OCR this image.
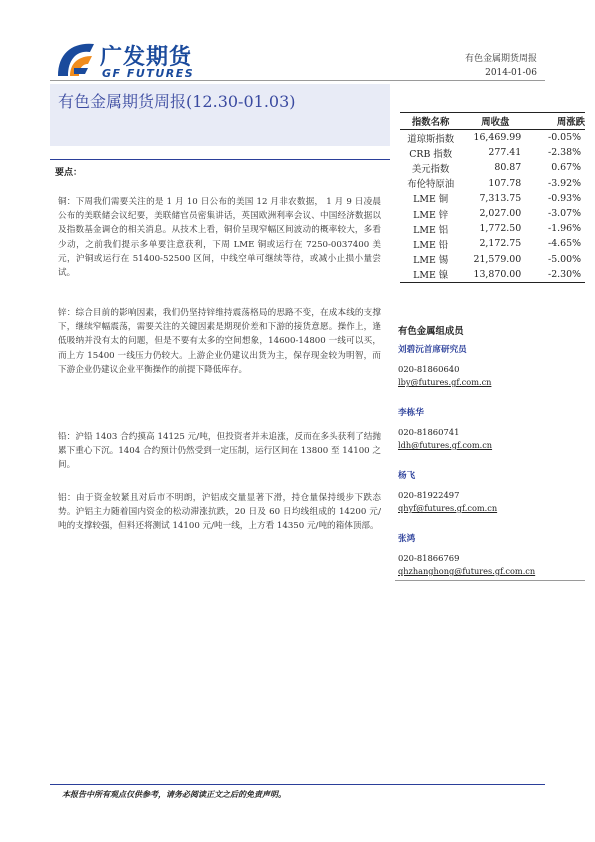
广发期货
GF FUTURES
有色金属期货周报
2014-01-06
有色金属期货周报(12.30-01.03)
要点：
铜：下周我们需要关注的是 1 月 10 日公布的美国 12 月非农数据， 1 月 9 日凌晨公布的美联储会议纪要，美联储官员密集讲话，英国欧洲利率会议、中国经济数据以及指数基金调仓的相关消息。从技术上看，铜价呈现窄幅区间波动的概率较大，多看少动，之前我们提示多单要注意获利，下周 LME 铜或运行在 7250-0037400 美元，沪铜或运行在 51400-52500 区间，中线空单可继续等待，或减小止损小量尝试。
锌：综合目前的影响因素，我们仍坚持锌维持震荡格局的思路不变，在成本线的支撑下，继续窄幅震荡，需要关注的关键因素是期现价差和下游的接货意愿。操作上，逢低吸纳并没有太的问题，但是不要有太多的空间想象，14600-14800 一线可以买，而上方 15400 一线压力仍较大。上游企业仍建议出货为主，保存现金较为明智，而下游企业仍建议企业平衡操作的前提下降低库存。
铅：沪铅 1403 合约摸高 14125 元/吨，但投资者并未追涨，反而在多头获利了结抛累下重心下沉。1404 合约预计仍然受到一定压制，运行区间在 13800 至 14100 之间。
铝：由于资金较紧且对后市不明朗，沪铝成交量显著下滑，持仓量保持缓步下跌态势。沪铝主力随着国内资金的松动滞涨抗跌，20 日及 60 日均线组成的 14200 元/吨的支撑较强，但料还将测试 14100 元/吨一线，上方看 14350 元/吨的箱体顶部。
指数名称	周收盘	周涨跌
道琼斯指数	16,469.99	-0.05%
CRB 指数	277.41	-2.38%
美元指数	80.87	0.67%
布伦特原油	107.78	-3.92%
LME 铜	7,313.75	-0.93%
LME 锌	2,027.00	-3.07%
LME 铝	1,772.50	-1.96%
LME 铅	2,172.75	-4.65%
LME 锡	21,579.00	-5.00%
LME 镍	13,870.00	-2.30%
有色金属组成员
刘碧沅首席研究员
020-81860640
lby@futures.gf.com.cn
李栋华
020-81860741
ldh@futures.gf.com.cn
杨飞
020-81922497
qhyf@futures.gf.com.cn
张鸿
020-81866769
qhzhanghong@futures.gf.com.cn
本报告中所有观点仅供参考，请务必阅读正文之后的免责声明。
